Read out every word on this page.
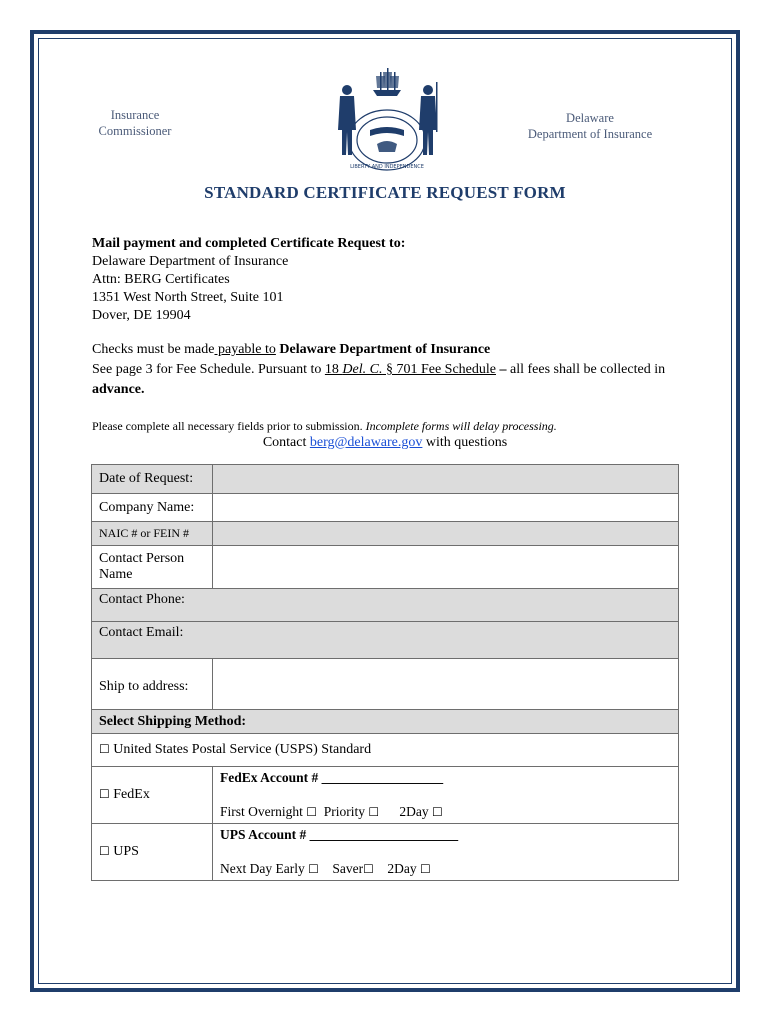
Insurance
Commissioner
LIBERTY AND INDEPENDENCE
Delaware
Department of Insurance
STANDARD CERTIFICATE REQUEST FORM
Mail payment and completed Certificate Request to:
Delaware Department of Insurance
Attn: BERG Certificates
1351 West North Street, Suite 101
Dover, DE 19904
Checks must be made payable to Delaware Department of Insurance
See page 3 for Fee Schedule. Pursuant to 18 Del. C. § 701 Fee Schedule – all fees shall be collected in advance.
Please complete all necessary fields prior to submission. Incomplete forms will delay processing.
Contact berg@delaware.gov with questions
Date of Request:	
Company Name:	
NAIC # or FEIN #	
Contact Person Name	
Contact Phone:	
Contact Email:	
Ship to address:	
Select Shipping Method:	
☐ United States Postal Service (USPS) Standard	
☐ FedEx	FedEx Account # __________________
First Overnight ☐ Priority ☐ 2Day ☐

☐ UPS	UPS Account # ______________________
Next Day Early ☐ Saver☐ 2Day ☐
